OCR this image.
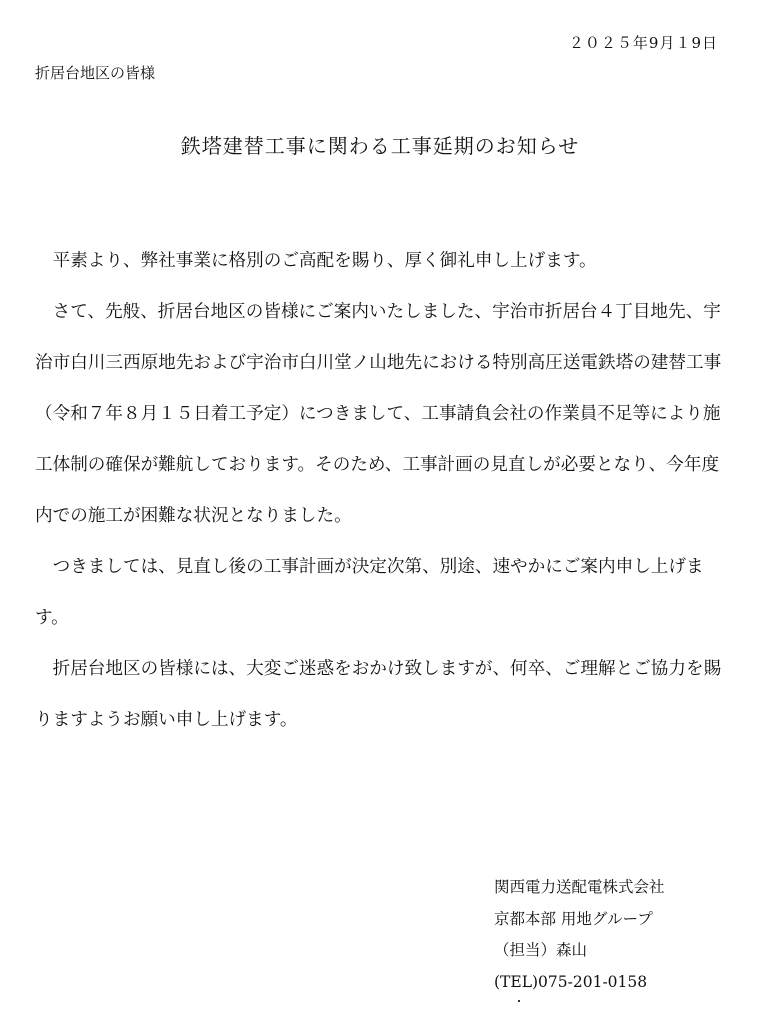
２０２５年9月１9日
折居台地区の皆様
鉄塔建替工事に関わる工事延期のお知らせ

平素より、弊社事業に格別のご高配を賜り、厚く御礼申し上げます。

さて、先般、折居台地区の皆様にご案内いたしました、宇治市折居台４丁目地先、宇治市白川三西原地先および宇治市白川堂ノ山地先における特別高圧送電鉄塔の建替工事（令和７年８月１５日着工予定）につきまして、工事請負会社の作業員不足等により施工体制の確保が難航しております。そのため、工事計画の見直しが必要となり、今年度内での施工が困難な状況となりました。

つきましては、見直し後の工事計画が決定次第、別途、速やかにご案内申し上げます。

折居台地区の皆様には、大変ご迷惑をおかけ致しますが、何卒、ご理解とご協力を賜りますようお願い申し上げます。

関西電力送配電株式会社
京都本部 用地グループ
（担当）森山
(TEL)075-201-0158
